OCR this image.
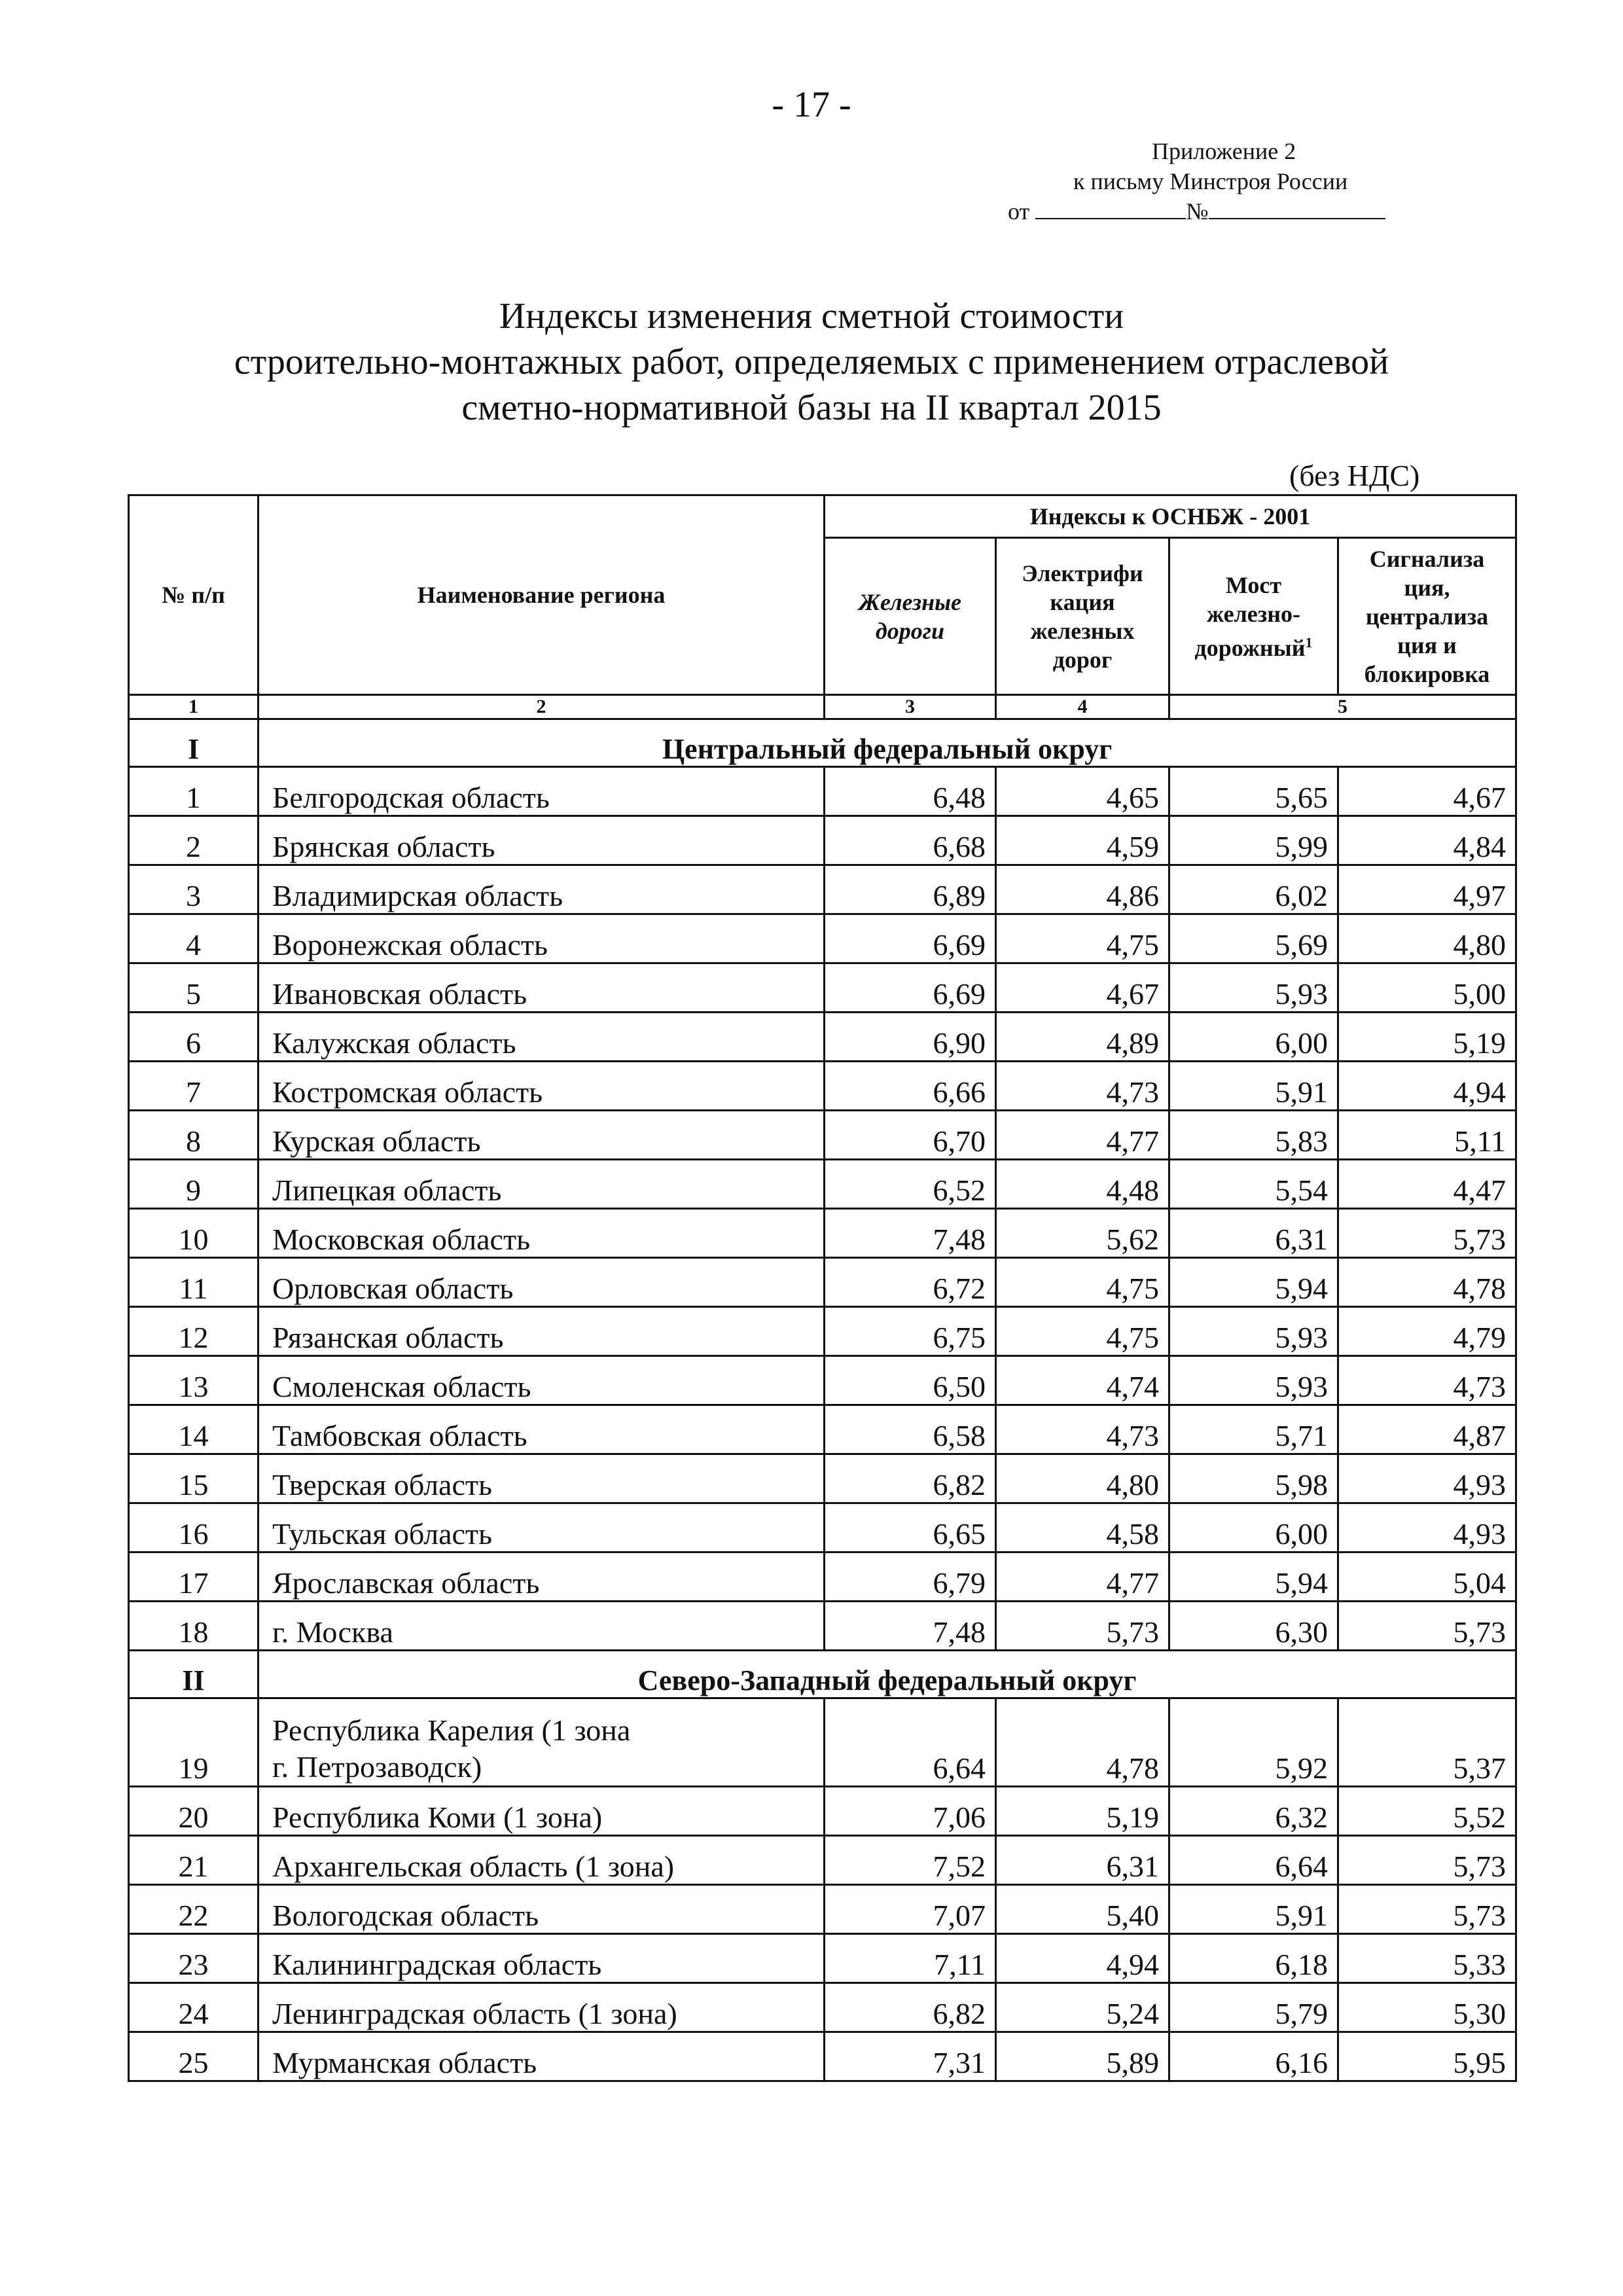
- 17 -
Приложение 2
к письму Минстроя России
от	№
Индексы изменения сметной стоимости
строительно-монтажных работ, определяемых с применением отраслевой
сметно-нормативной базы на II квартал 2015
(без НДС)
№ п/п	Наименование региона	Индексы к ОСНБЖ - 2001			
		Железные дороги	Электрифи кация железных дорог	Мост железно-дорожный$^1$	Сигнализа ция, централиза ция и блокировка
1	2	3	4	5	
I	Центральный федеральный округ				
1	Белгородская область	6,48	4,65	5,65	4,67
2	Брянская область	6,68	4,59	5,99	4,84
3	Владимирская область	6,89	4,86	6,02	4,97
4	Воронежская область	6,69	4,75	5,69	4,80
5	Ивановская область	6,69	4,67	5,93	5,00
6	Калужская область	6,90	4,89	6,00	5,19
7	Костромская область	6,66	4,73	5,91	4,94
8	Курская область	6,70	4,77	5,83	5,11
9	Липецкая область	6,52	4,48	5,54	4,47
10	Московская область	7,48	5,62	6,31	5,73
11	Орловская область	6,72	4,75	5,94	4,78
12	Рязанская область	6,75	4,75	5,93	4,79
13	Смоленская область	6,50	4,74	5,93	4,73
14	Тамбовская область	6,58	4,73	5,71	4,87
15	Тверская область	6,82	4,80	5,98	4,93
16	Тульская область	6,65	4,58	6,00	4,93
17	Ярославская область	6,79	4,77	5,94	5,04
18	г. Москва	7,48	5,73	6,30	5,73
II	Северо-Западный федеральный округ				
19	Республика Карелия (1 зона
г. Петрозаводск)	6,64	4,78	5,92	5,37
20	Республика Коми (1 зона)	7,06	5,19	6,32	5,52
21	Архангельская область (1 зона)	7,52	6,31	6,64	5,73
22	Вологодская область	7,07	5,40	5,91	5,73
23	Калининградская область	7,11	4,94	6,18	5,33
24	Ленинградская область (1 зона)	6,82	5,24	5,79	5,30
25	Мурманская область	7,31	5,89	6,16	5,95
